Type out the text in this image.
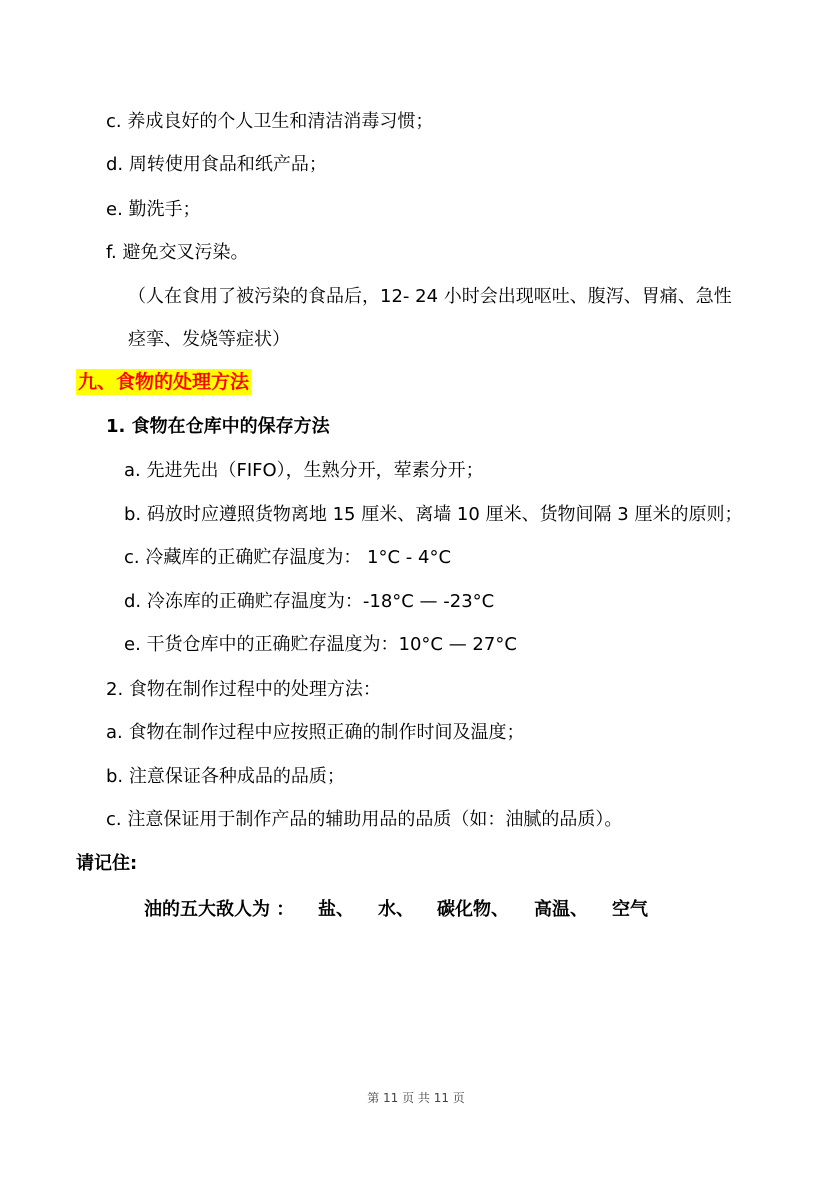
c. 养成良好的个人卫生和清洁消毒习惯；
d. 周转使用食品和纸产品；
e. 勤洗手；
f. 避免交叉污染。
（人在食用了被污染的食品后，12- 24 小时会出现呕吐、腹泻、胃痛、急性
痉挛、发烧等症状）
九、食物的处理方法
1. 食物在仓库中的保存方法
a. 先进先出（FIFO），生熟分开，荤素分开；
b. 码放时应遵照货物离地 15 厘米、离墙 10 厘米、货物间隔 3 厘米的原则；
c. 冷藏库的正确贮存温度为： 1°C - 4°C
d. 冷冻库的正确贮存温度为：-18°C — -23°C
e. 干货仓库中的正确贮存温度为：10°C — 27°C
2. 食物在制作过程中的处理方法：
a. 食物在制作过程中应按照正确的制作时间及温度；
b. 注意保证各种成品的品质；
c. 注意保证用于制作产品的辅助用品的品质（如：油腻的品质）。
请记住:
油的五大敌人为 ： 盐、 水、 碳化物、 高温、 空气
第 11 页 共 11 页
